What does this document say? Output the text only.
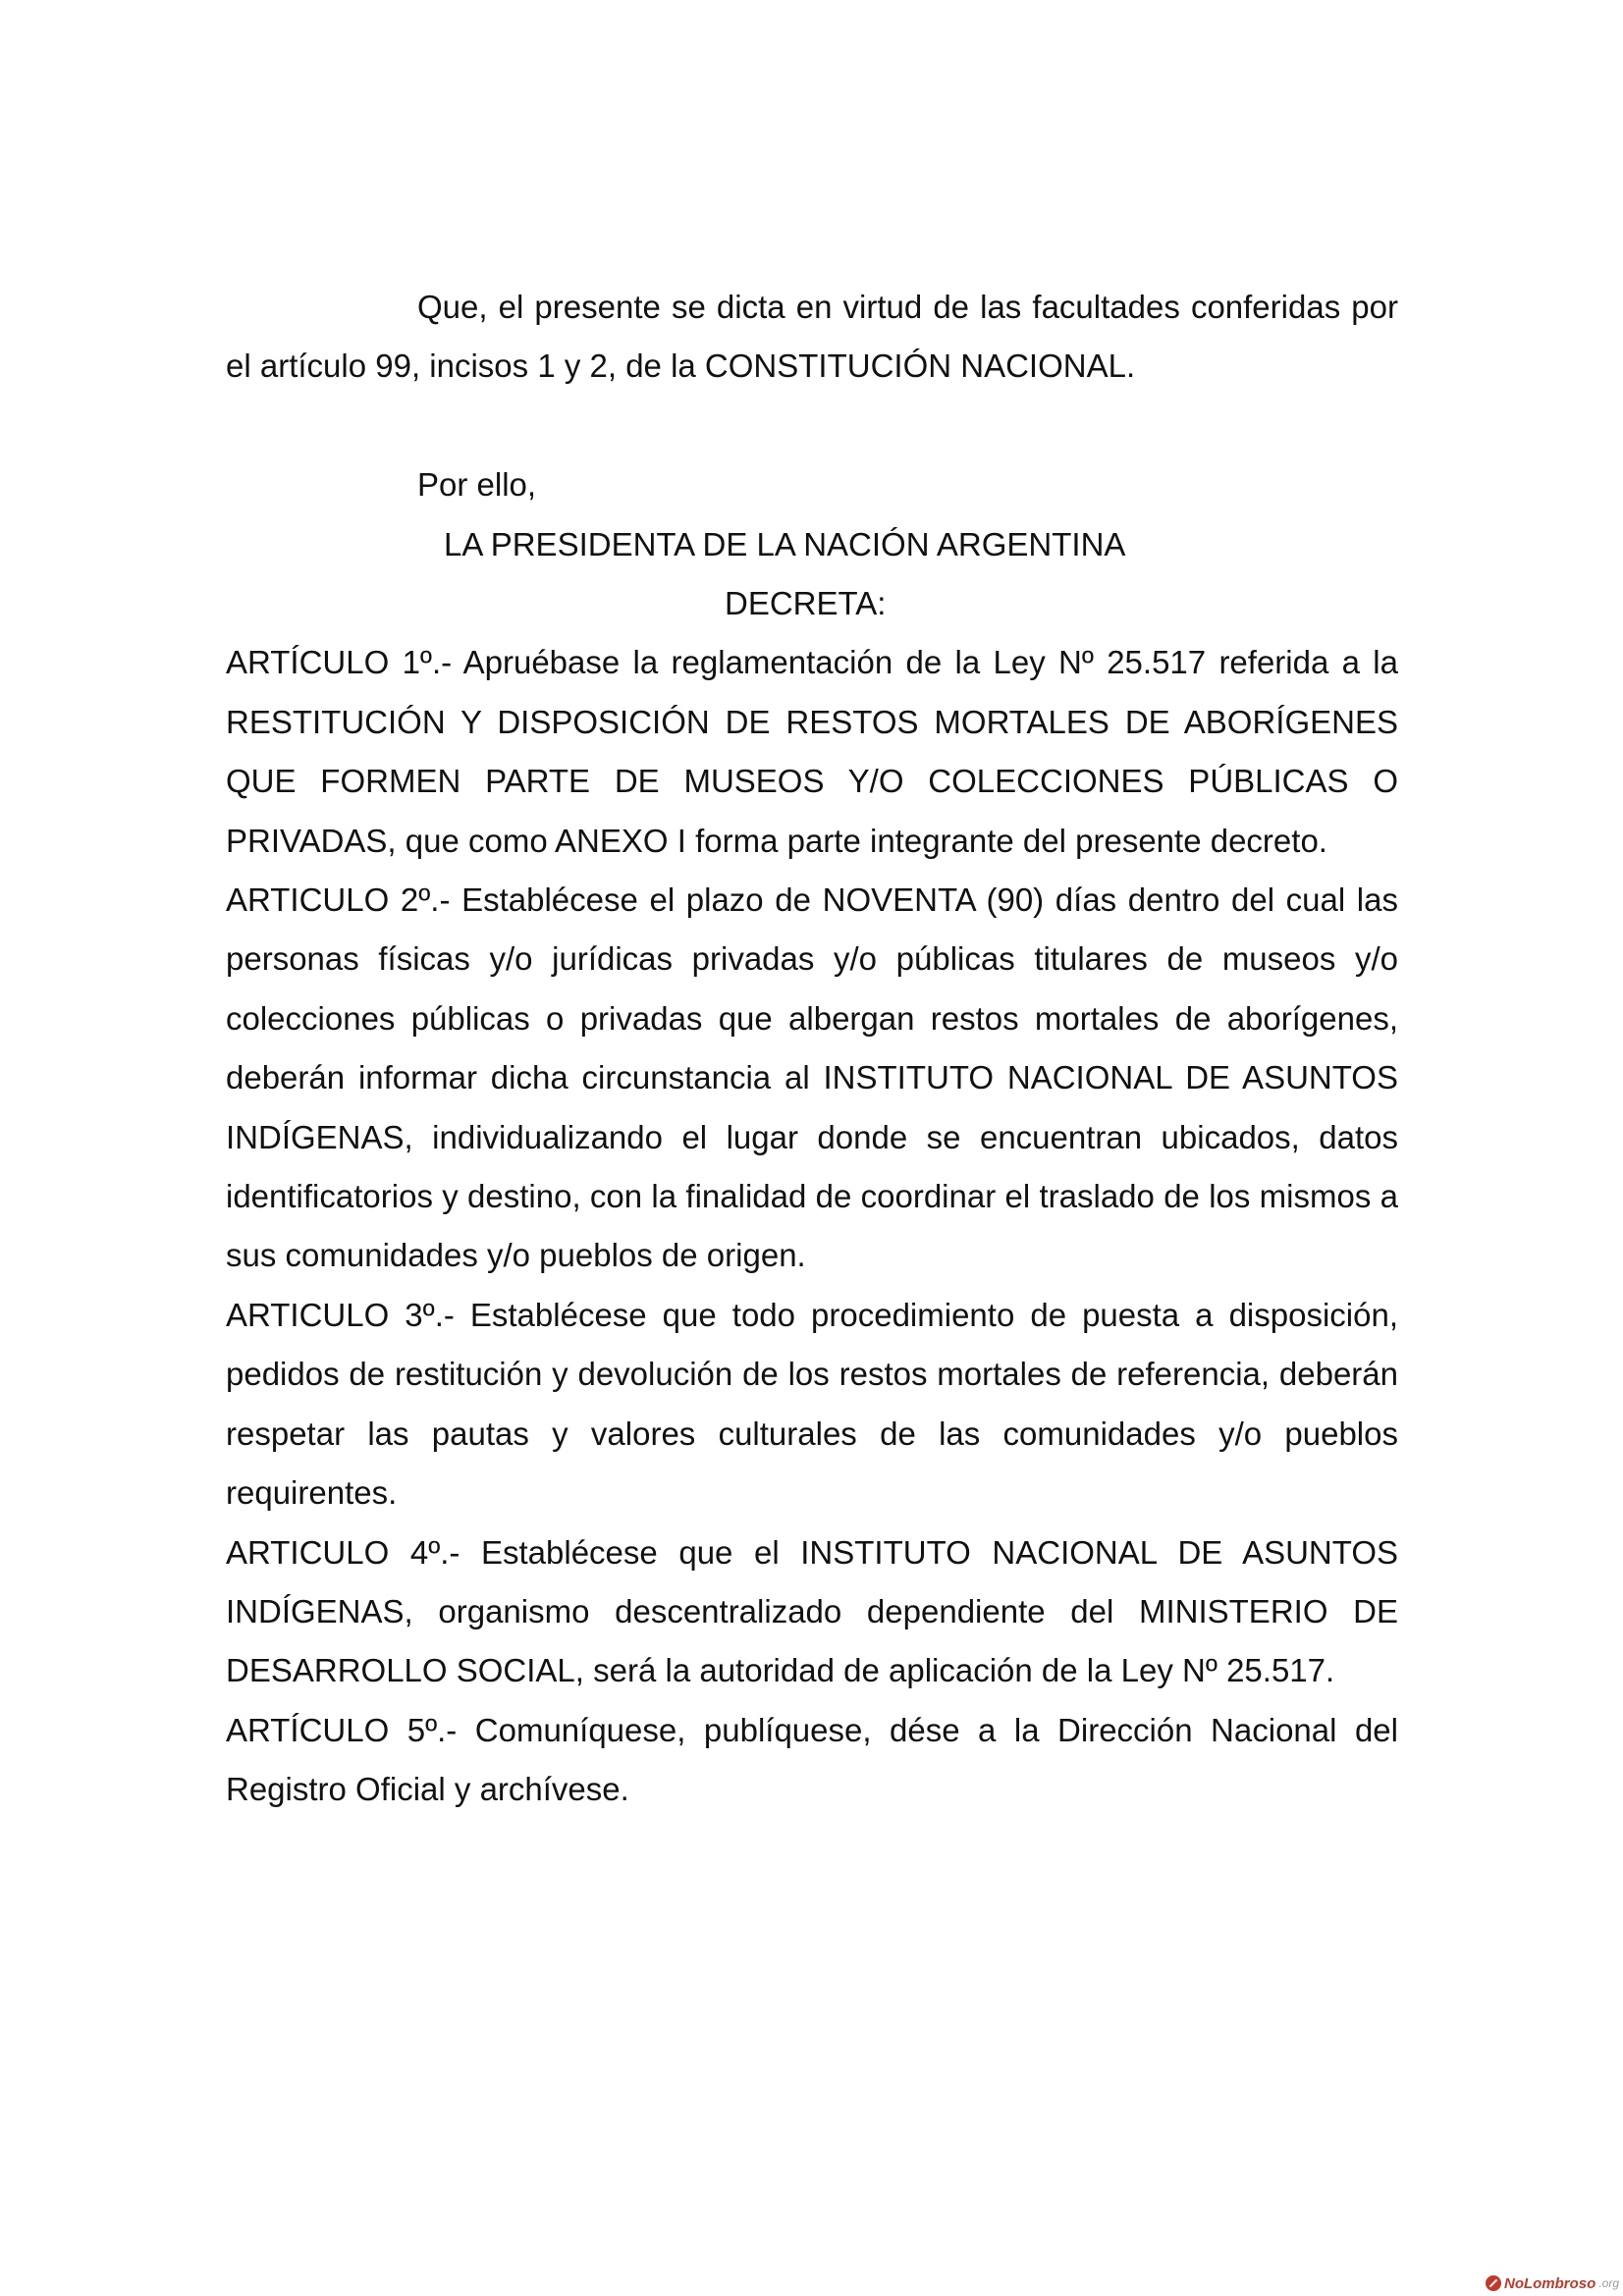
Que, el presente se dicta en virtud de las facultades conferidas por el artículo 99, incisos 1 y 2, de la CONSTITUCIÓN NACIONAL.

Por ello,

LA PRESIDENTA DE LA NACIÓN ARGENTINA

DECRETA:

ARTÍCULO 1º.- Apruébase la reglamentación de la Ley Nº 25.517 referida a la RESTITUCIÓN Y DISPOSICIÓN DE RESTOS MORTALES DE ABORÍGENES QUE FORMEN PARTE DE MUSEOS Y/O COLECCIONES PÚBLICAS O PRIVADAS, que como ANEXO I forma parte integrante del presente decreto.

ARTICULO 2º.- Establécese el plazo de NOVENTA (90) días dentro del cual las personas físicas y/o jurídicas privadas y/o públicas titulares de museos y/o colecciones públicas o privadas que albergan restos mortales de aborígenes, deberán informar dicha circunstancia al INSTITUTO NACIONAL DE ASUNTOS INDÍGENAS, individualizando el lugar donde se encuentran ubicados, datos identificatorios y destino, con la finalidad de coordinar el traslado de los mismos a sus comunidades y/o pueblos de origen.

ARTICULO 3º.- Establécese que todo procedimiento de puesta a disposición, pedidos de restitución y devolución de los restos mortales de referencia, deberán respetar las pautas y valores culturales de las comunidades y/o pueblos requirentes.

ARTICULO 4º.- Establécese que el INSTITUTO NACIONAL DE ASUNTOS INDÍGENAS, organismo descentralizado dependiente del MINISTERIO DE DESARROLLO SOCIAL, será la autoridad de aplicación de la Ley Nº 25.517.

ARTÍCULO 5º.- Comuníquese, publíquese, dése a la Dirección Nacional del Registro Oficial y archívese.

NoLombroso .org
